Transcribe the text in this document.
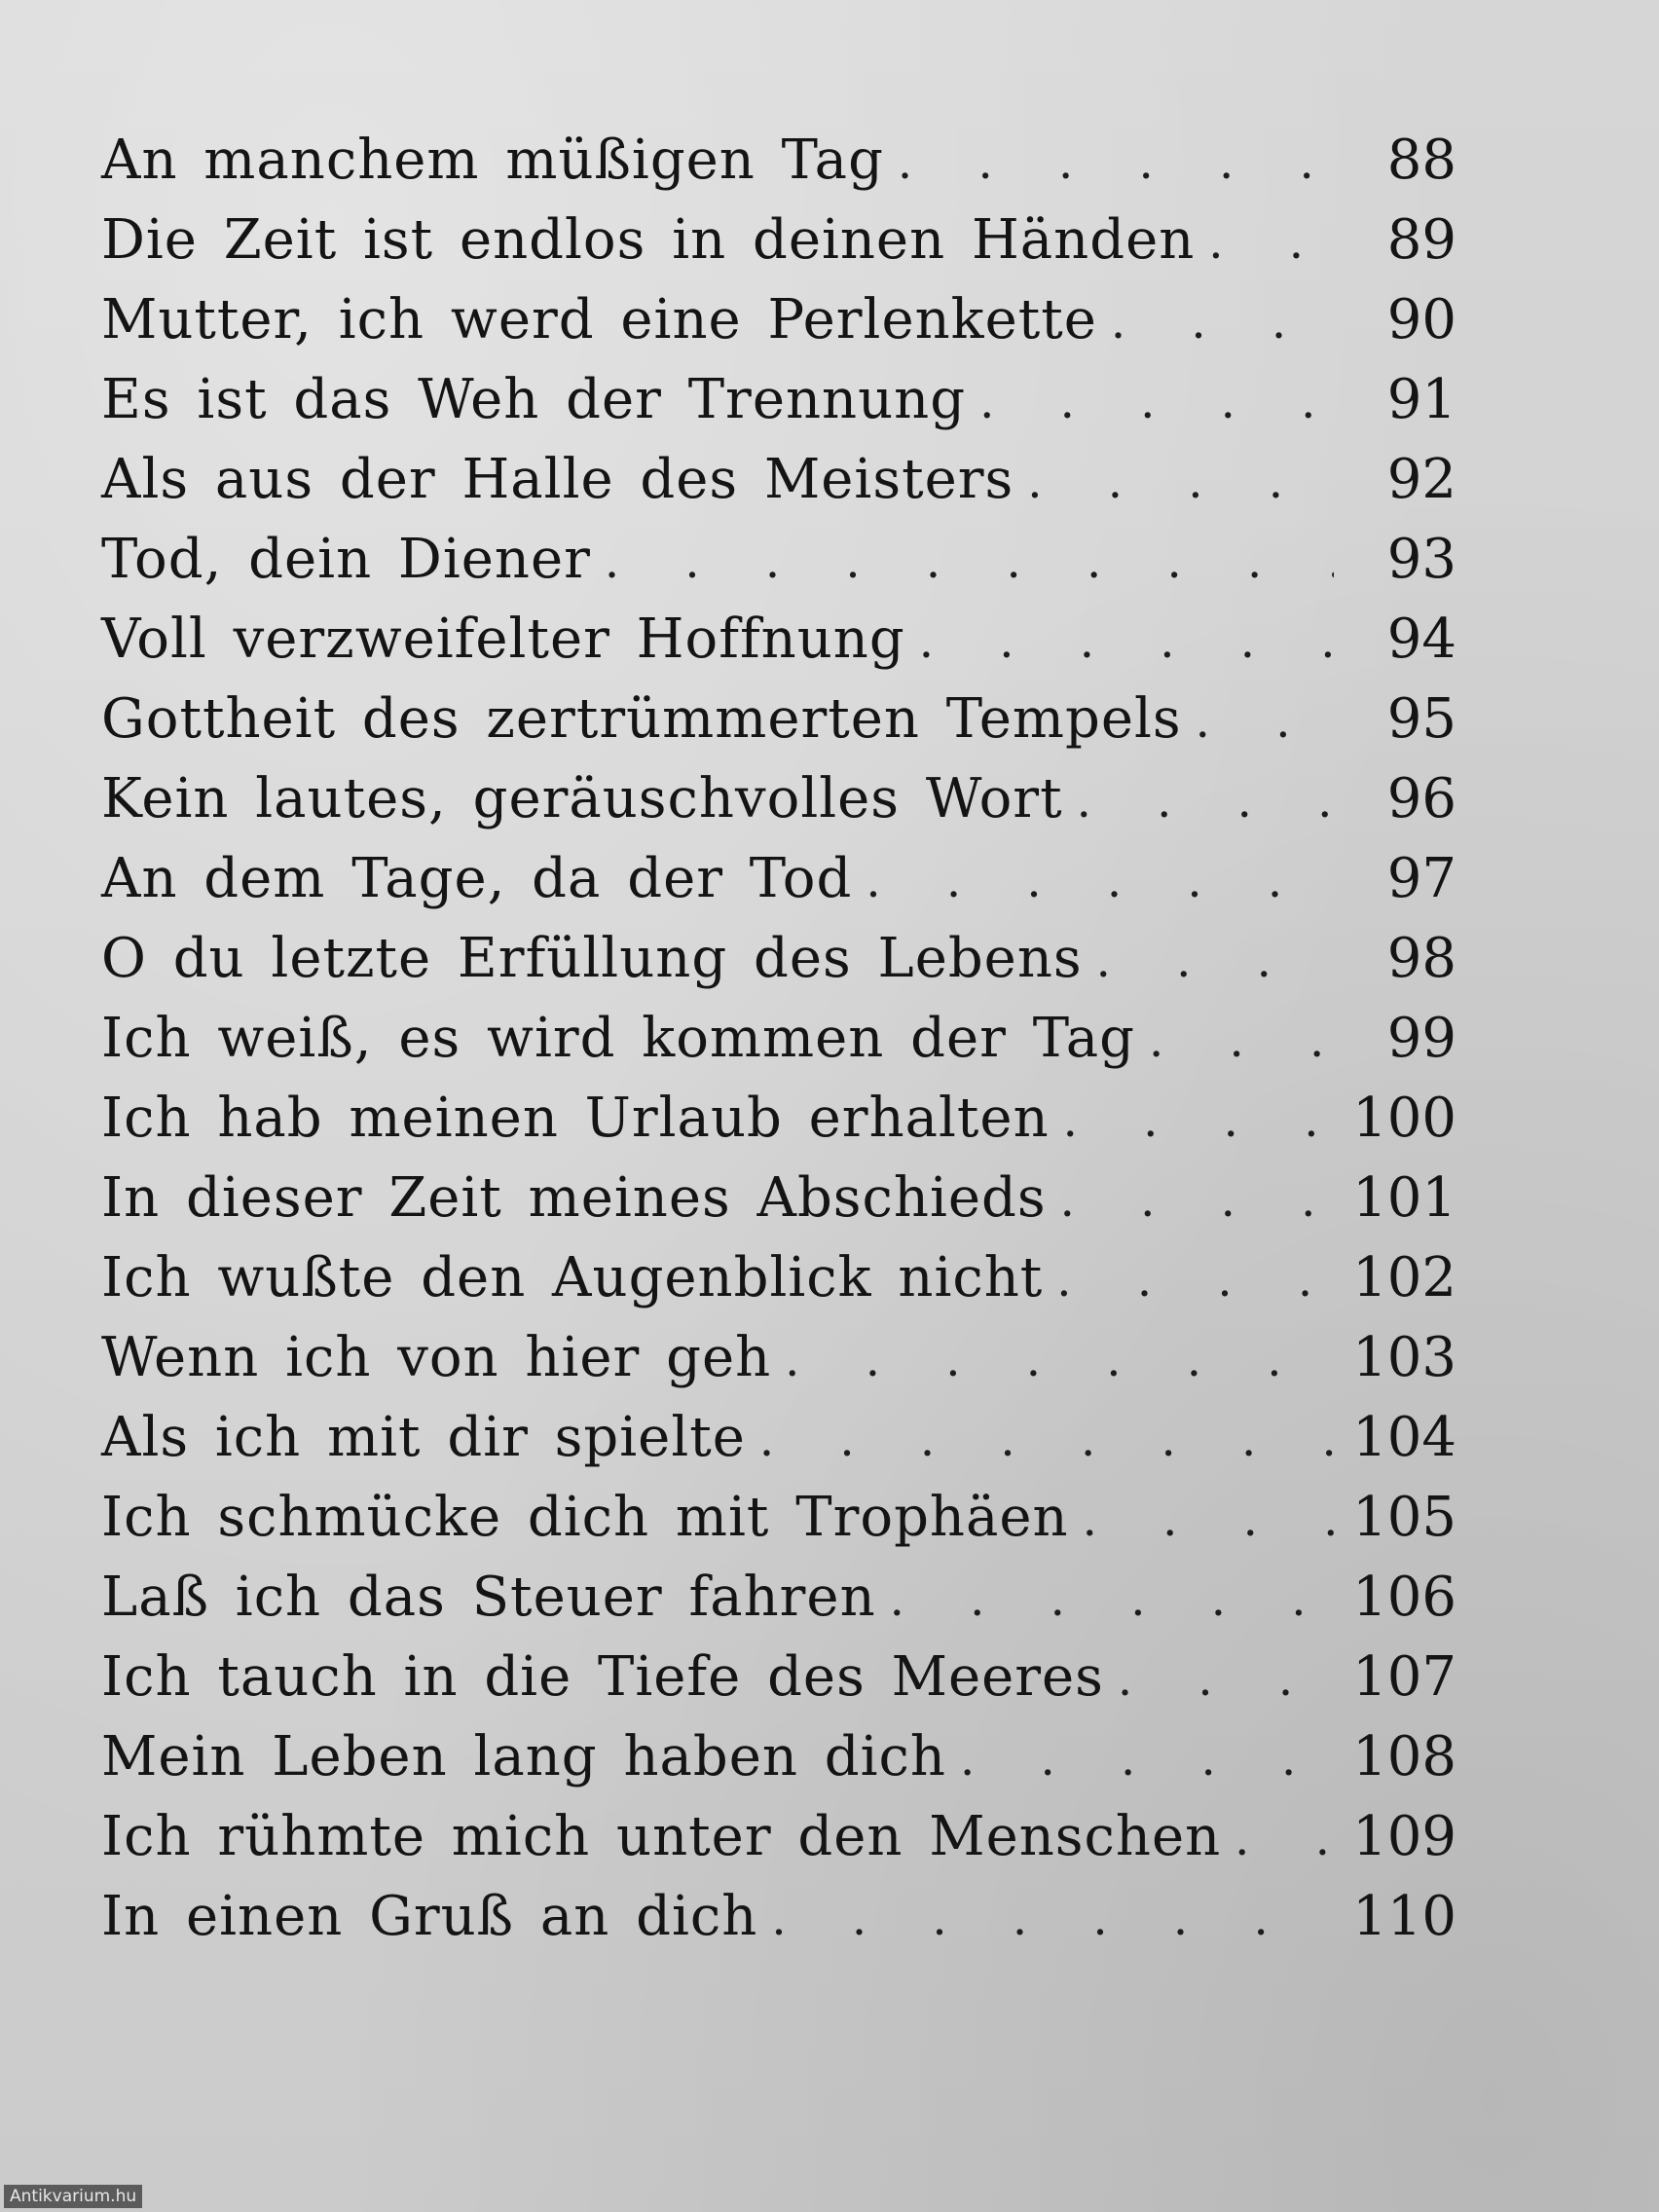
An manchem müßigen Tag . . .	88
Die Zeit ist endlos in deinen Händen . . .	89
Mutter, ich werd eine Perlenkette . . .	90
Es ist das Weh der Trennung . . .	91
Als aus der Halle des Meisters . . .	92
Tod, dein Diener . . .	93
Voll verzweifelter Hoffnung . . .	94
Gottheit des zertrümmerten Tempels . . .	95
Kein lautes, geräuschvolles Wort . . .	96
An dem Tage, da der Tod . . .	97
O du letzte Erfüllung des Lebens . . .	98
Ich weiß, es wird kommen der Tag . . .	99
Ich hab meinen Urlaub erhalten . . .	100
In dieser Zeit meines Abschieds . . .	101
Ich wußte den Augenblick nicht . . .	102
Wenn ich von hier geh . . .	103
Als ich mit dir spielte . . .	104
Ich schmücke dich mit Trophäen . . .	105
Laß ich das Steuer fahren . . .	106
Ich tauch in die Tiefe des Meeres . . .	107
Mein Leben lang haben dich . . .	108
Ich rühmte mich unter den Menschen . . . 109
In einen Gruß an dich . . .	110
Antikvarium.hu
